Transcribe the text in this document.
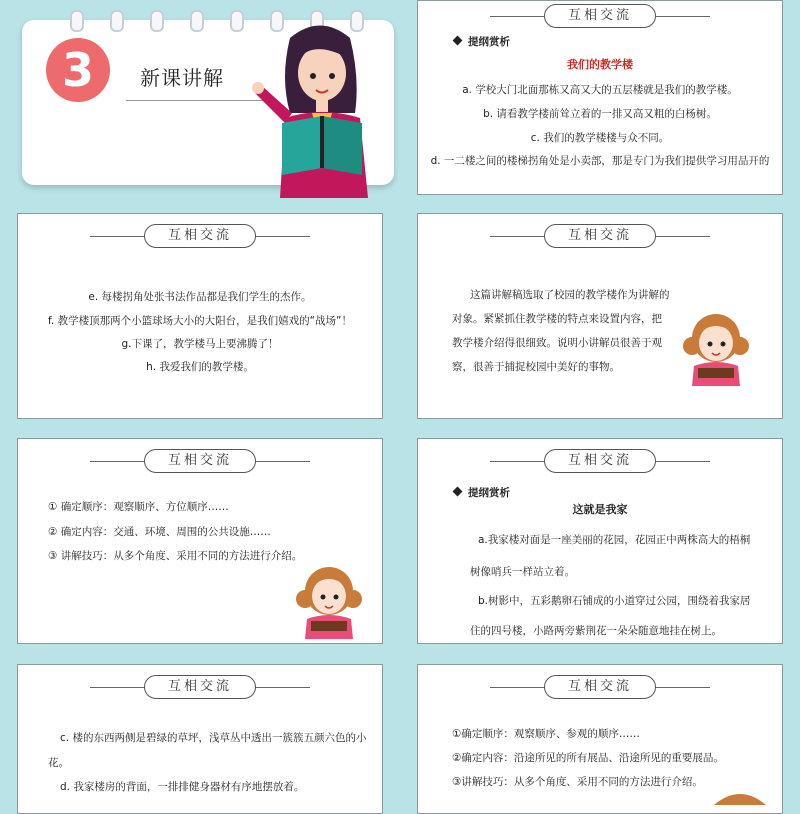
3	新课讲解
互相交流
提纲赏析
我们的教学楼
a. 学校大门北面那栋又高又大的五层楼就是我们的教学楼。
b. 请看教学楼前耸立着的一排又高又粗的白杨树。
c. 我们的教学楼楼与众不同。
d. 一二楼之间的楼梯拐角处是小卖部，那是专门为我们提供学习用品开的
互相交流
e. 每楼拐角处张书法作品都是我们学生的杰作。
f. 教学楼顶那两个小篮球场大小的大阳台，是我们嬉戏的“战场”！
g.下课了，教学楼马上要沸腾了！
h. 我爱我们的教学楼。
互相交流
这篇讲解稿选取了校园的教学楼作为讲解的
对象。紧紧抓住教学楼的特点来设置内容，把
教学楼介绍得很细致。说明小讲解员很善于观
察，很善于捕捉校园中美好的事物。
互相交流
① 确定顺序：观察顺序、方位顺序……
② 确定内容：交通、环境、周围的公共设施……
③ 讲解技巧：从多个角度、采用不同的方法进行介绍。
互相交流
提纲赏析
这就是我家
a.我家楼对面是一座美丽的花园，花园正中两株高大的梧桐
树像哨兵一样站立着。
b.树影中，五彩鹅卵石铺成的小道穿过公园，围绕着我家居
住的四号楼，小路两旁紫荆花一朵朵随意地挂在树上。
互相交流
c. 楼的东西两侧是碧绿的草坪，浅草丛中透出一簇簇五颜六色的小
花。
d. 我家楼房的背面，一排排健身器材有序地摆放着。
互相交流
①确定顺序：观察顺序、参观的顺序……
②确定内容：沿途所见的所有展品、沿途所见的重要展品。
③讲解技巧：从多个角度、采用不同的方法进行介绍。
